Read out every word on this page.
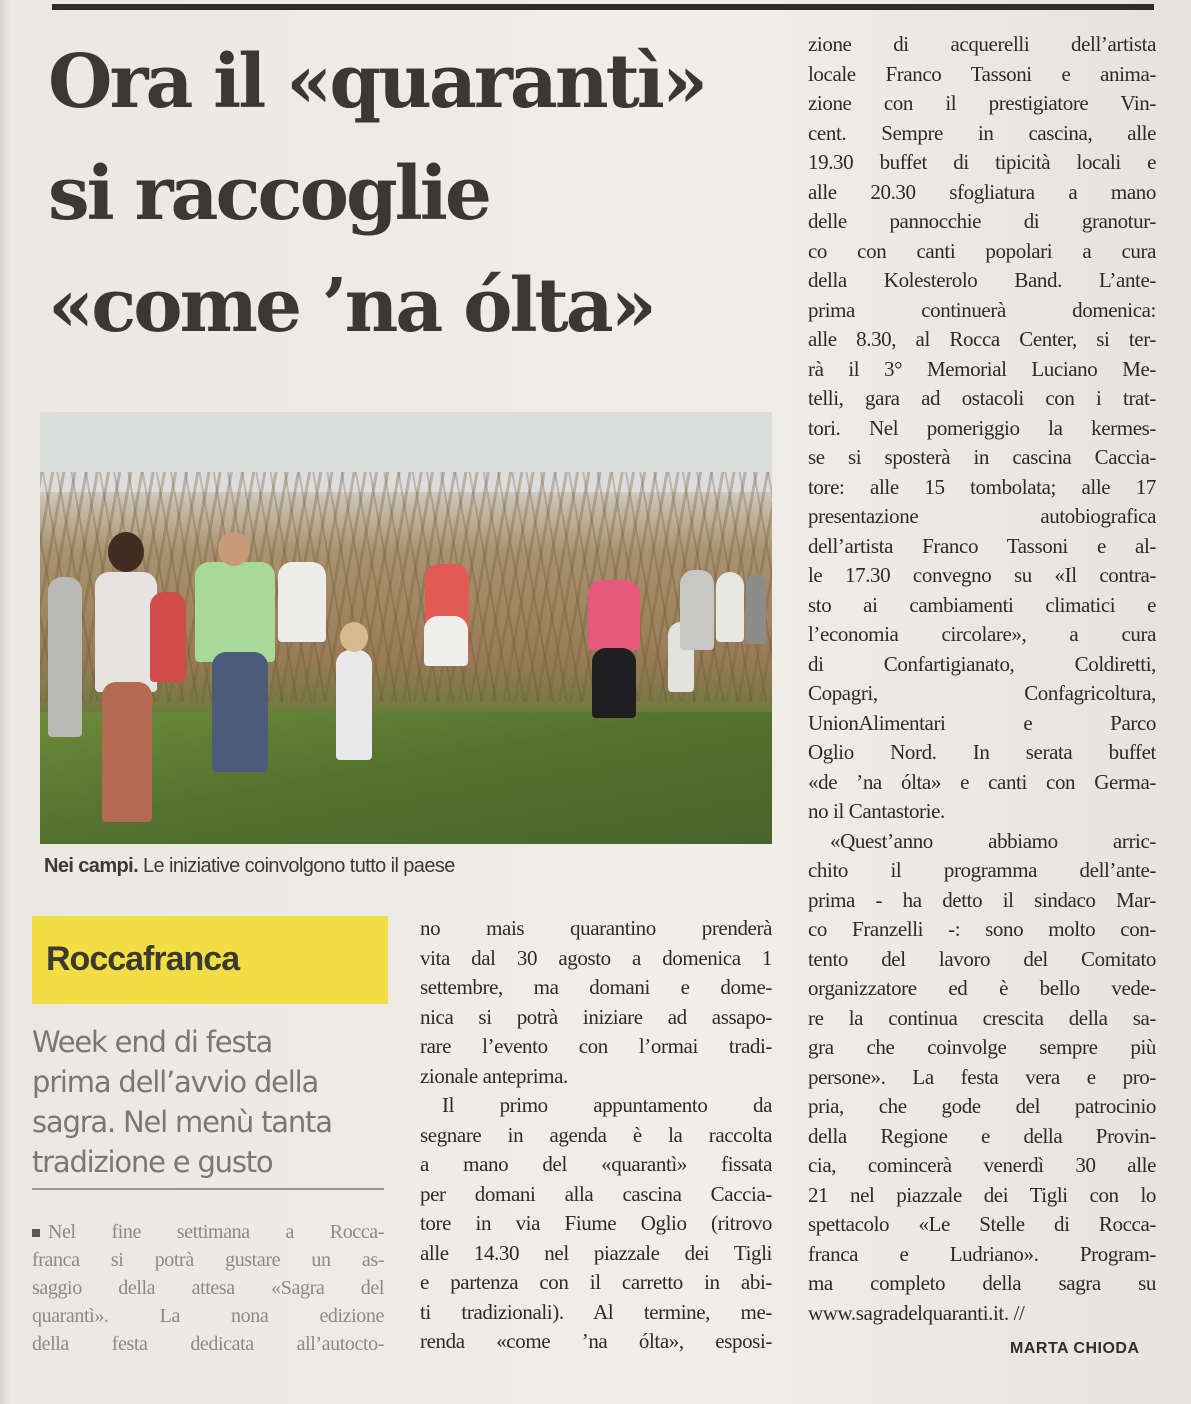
Ora il «quarantì»
si raccoglie
«come ’na ólta»

Nei campi. Le iniziative coinvolgono tutto il paese

Roccafranca

Week end di festa
prima dell’avvio della
sagra. Nel menù tanta
tradizione e gusto

Nel fine settimana a Rocca-
franca si potrà gustare un as-
saggio della attesa «Sagra del
quarantì». La nona edizione
della festa dedicata all’autocto-
no mais quarantino prenderà
vita dal 30 agosto a domenica 1
settembre, ma domani e dome-
nica si potrà iniziare ad assapo-
rare l’evento con l’ormai tradi-
zionale anteprima.
Il primo appuntamento da
segnare in agenda è la raccolta
a mano del «quarantì» fissata
per domani alla cascina Caccia-
tore in via Fiume Oglio (ritrovo
alle 14.30 nel piazzale dei Tigli
e partenza con il carretto in abi-
ti tradizionali). Al termine, me-
renda «come ’na ólta», esposi-
zione di acquerelli dell’artista
locale Franco Tassoni e anima-
zione con il prestigiatore Vin-
cent. Sempre in cascina, alle
19.30 buffet di tipicità locali e
alle 20.30 sfogliatura a mano
delle pannocchie di granotur-
co con canti popolari a cura
della Kolesterolo Band. L’ante-
prima continuerà domenica:
alle 8.30, al Rocca Center, si ter-
rà il 3° Memorial Luciano Me-
telli, gara ad ostacoli con i trat-
tori. Nel pomeriggio la kermes-
se si sposterà in cascina Caccia-
tore: alle 15 tombolata; alle 17
presentazione autobiografica
dell’artista Franco Tassoni e al-
le 17.30 convegno su «Il contra-
sto ai cambiamenti climatici e
l’economia circolare», a cura
di Confartigianato, Coldiretti,
Copagri, Confagricoltura,
UnionAlimentari e Parco
Oglio Nord. In serata buffet
«de ’na ólta» e canti con Germa-
no il Cantastorie.
«Quest’anno abbiamo arric-
chito il programma dell’ante-
prima - ha detto il sindaco Mar-
co Franzelli -: sono molto con-
tento del lavoro del Comitato
organizzatore ed è bello vede-
re la continua crescita della sa-
gra che coinvolge sempre più
persone». La festa vera e pro-
pria, che gode del patrocinio
della Regione e della Provin-
cia, comincerà venerdì 30 alle
21 nel piazzale dei Tigli con lo
spettacolo «Le Stelle di Rocca-
franca e Ludriano». Program-
ma completo della sagra su
www.sagradelquaranti.it. //

MARTA CHIODA
